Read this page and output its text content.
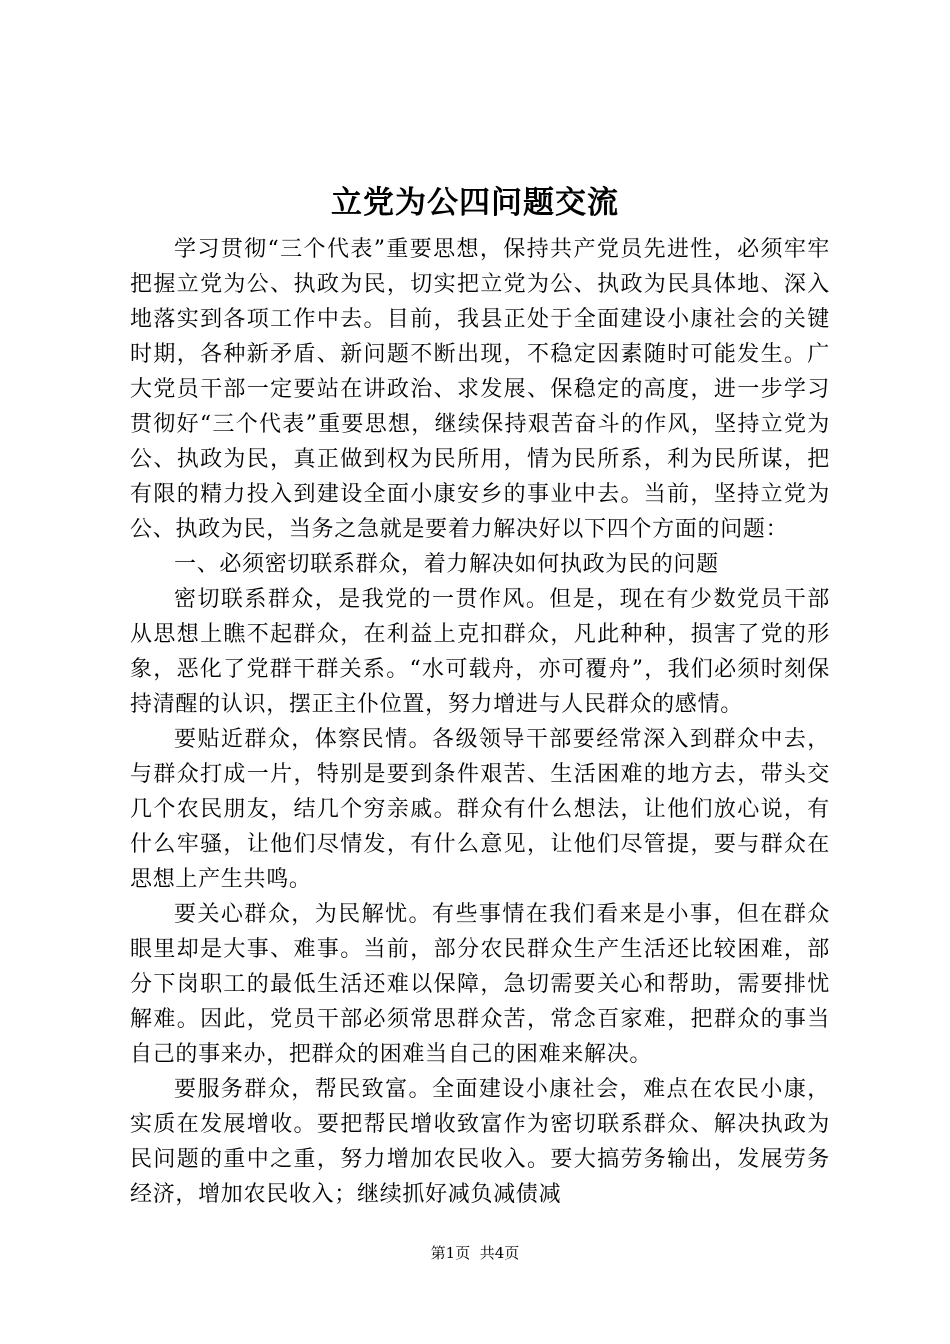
立党为公四问题交流

学习贯彻“三个代表”重要思想，保持共产党员先进性，必须牢牢把握立党为公、执政为民，切实把立党为公、执政为民具体地、深入地落实到各项工作中去。目前，我县正处于全面建设小康社会的关键时期，各种新矛盾、新问题不断出现，不稳定因素随时可能发生。广大党员干部一定要站在讲政治、求发展、保稳定的高度，进一步学习贯彻好“三个代表”重要思想，继续保持艰苦奋斗的作风，坚持立党为公、执政为民，真正做到权为民所用，情为民所系，利为民所谋，把有限的精力投入到建设全面小康安乡的事业中去。当前，坚持立党为公、执政为民，当务之急就是要着力解决好以下四个方面的问题：

一、必须密切联系群众，着力解决如何执政为民的问题

密切联系群众，是我党的一贯作风。但是，现在有少数党员干部从思想上瞧不起群众，在利益上克扣群众，凡此种种，损害了党的形象，恶化了党群干群关系。“水可载舟，亦可覆舟”，我们必须时刻保持清醒的认识，摆正主仆位置，努力增进与人民群众的感情。

要贴近群众，体察民情。各级领导干部要经常深入到群众中去，与群众打成一片，特别是要到条件艰苦、生活困难的地方去，带头交几个农民朋友，结几个穷亲戚。群众有什么想法，让他们放心说，有什么牢骚，让他们尽情发，有什么意见，让他们尽管提，要与群众在思想上产生共鸣。

要关心群众，为民解忧。有些事情在我们看来是小事，但在群众眼里却是大事、难事。当前，部分农民群众生产生活还比较困难，部分下岗职工的最低生活还难以保障，急切需要关心和帮助，需要排忧解难。因此，党员干部必须常思群众苦，常念百家难，把群众的事当自己的事来办，把群众的困难当自己的困难来解决。

要服务群众，帮民致富。全面建设小康社会，难点在农民小康，实质在发展增收。要把帮民增收致富作为密切联系群众、解决执政为民问题的重中之重，努力增加农民收入。要大搞劳务输出，发展劳务经济，增加农民收入；继续抓好减负减债减

第1页 共4页
